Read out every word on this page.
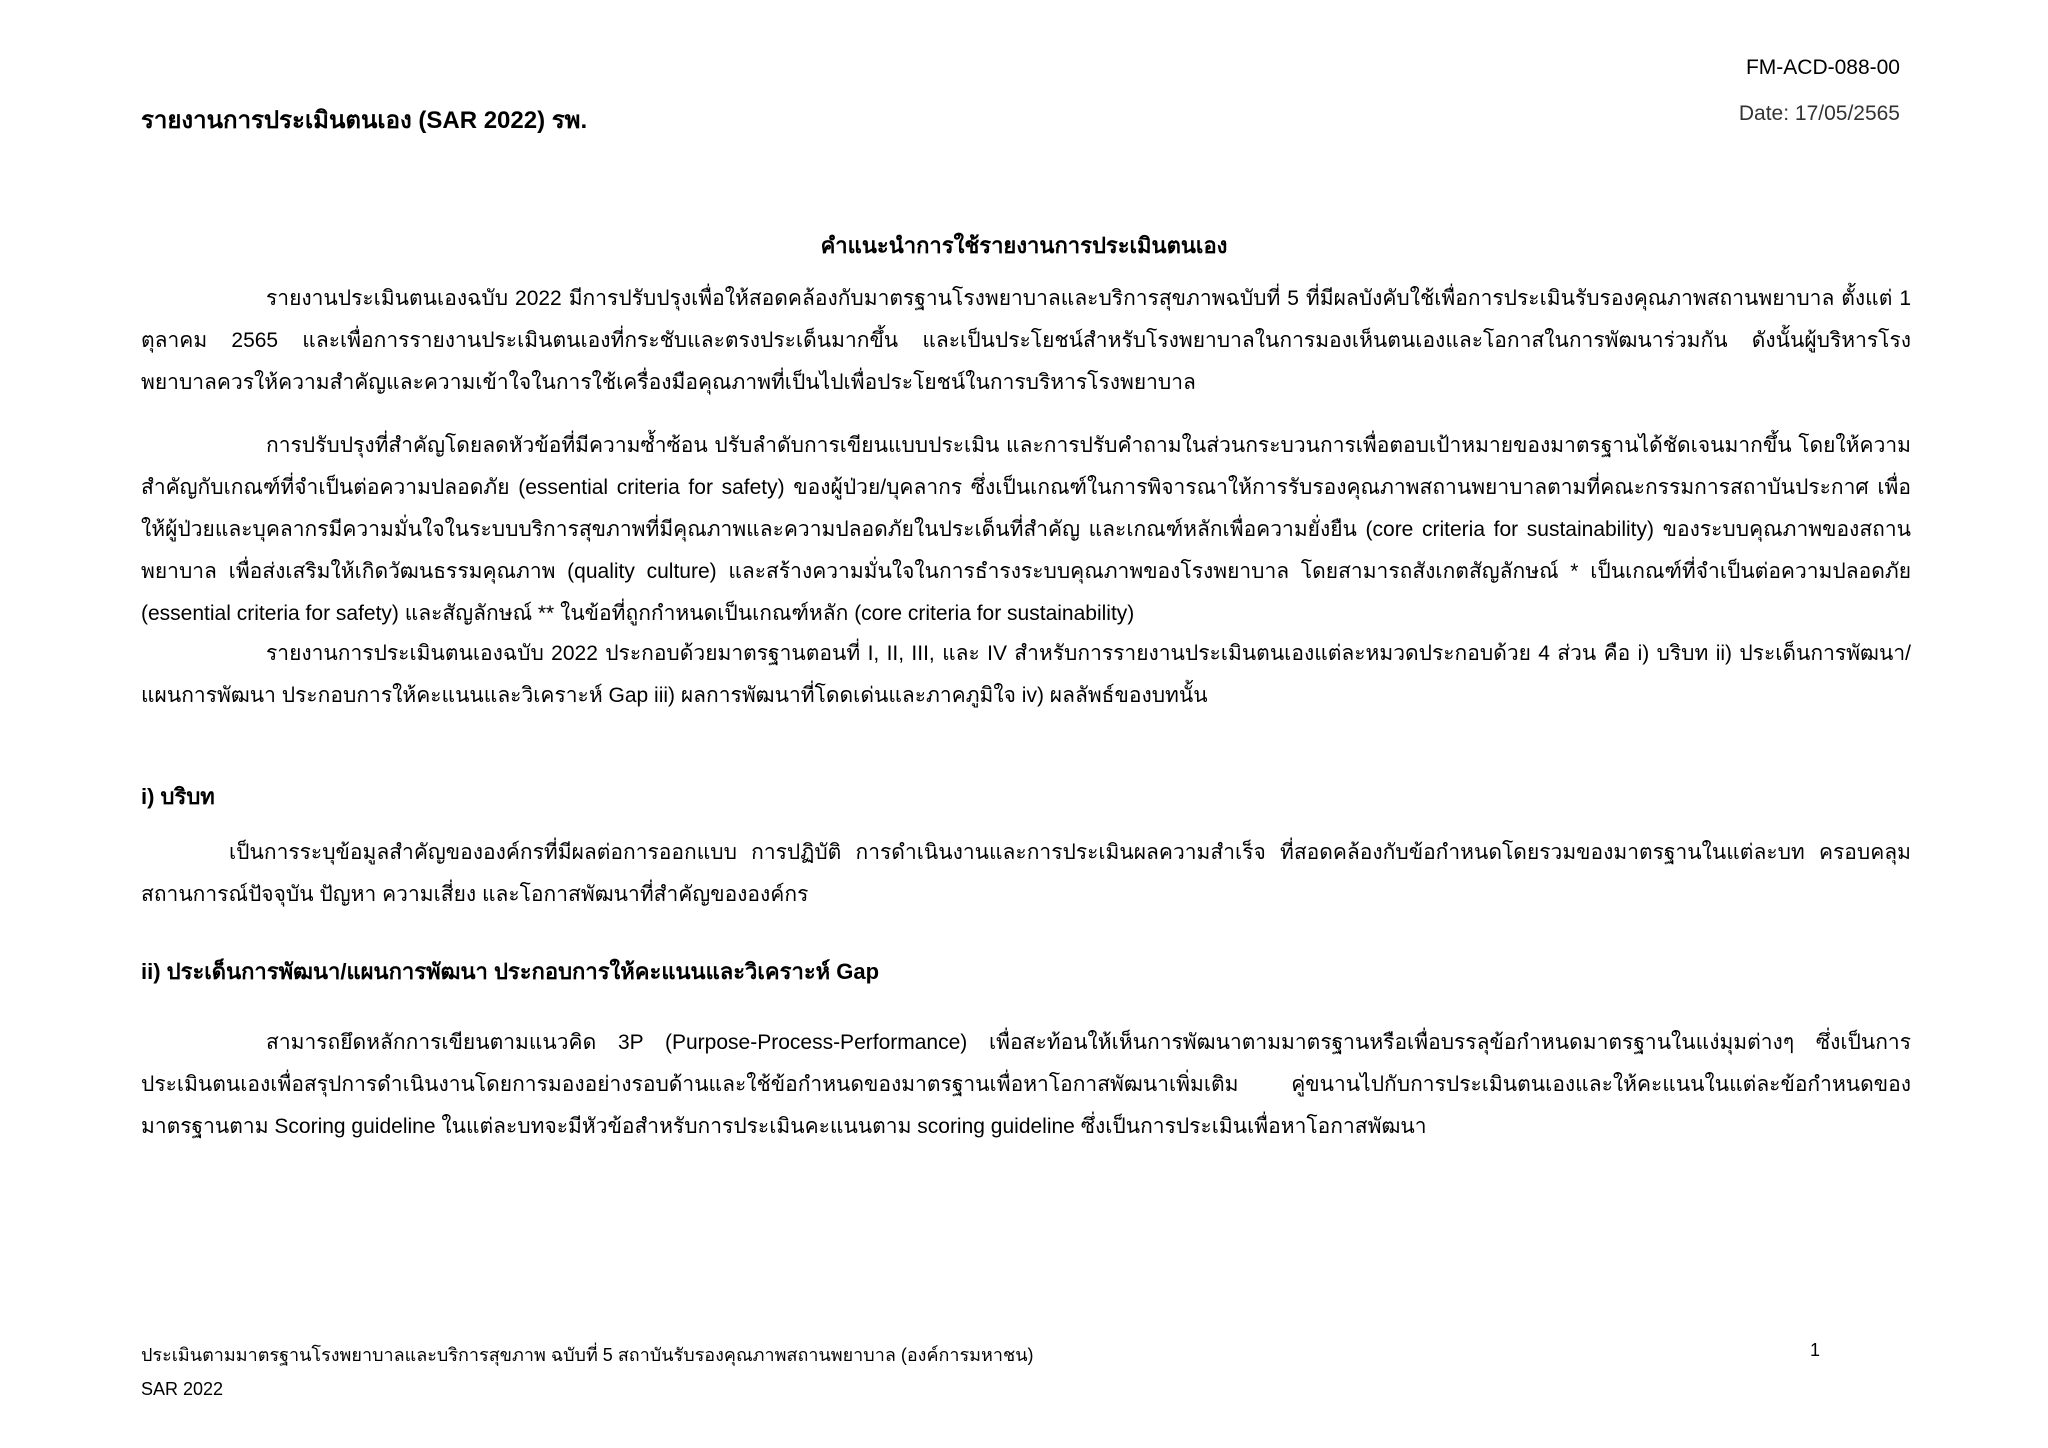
FM-ACD-088-00
Date: 17/05/2565
รายงานการประเมินตนเอง (SAR 2022) รพ.
คำแนะนำการใช้รายงานการประเมินตนเอง

รายงานประเมินตนเองฉบับ 2022 มีการปรับปรุงเพื่อให้สอดคล้องกับมาตรฐานโรงพยาบาลและบริการสุขภาพฉบับที่ 5 ที่มีผลบังคับใช้เพื่อการประเมินรับรองคุณภาพสถานพยาบาล ตั้งแต่ 1 ตุลาคม 2565 และเพื่อการรายงานประเมินตนเองที่กระชับและตรงประเด็นมากขึ้น และเป็นประโยชน์สำหรับโรงพยาบาลในการมองเห็นตนเองและโอกาสในการพัฒนาร่วมกัน ดังนั้นผู้บริหารโรงพยาบาลควรให้ความสำคัญและความเข้าใจในการใช้เครื่องมือคุณภาพที่เป็นไปเพื่อประโยชน์ในการบริหารโรงพยาบาล

การปรับปรุงที่สำคัญโดยลดหัวข้อที่มีความซ้ำซ้อน ปรับลำดับการเขียนแบบประเมิน และการปรับคำถามในส่วนกระบวนการเพื่อตอบเป้าหมายของมาตรฐานได้ชัดเจนมากขึ้น โดยให้ความสำคัญกับเกณฑ์ที่จำเป็นต่อความปลอดภัย (essential criteria for safety) ของผู้ป่วย/บุคลากร ซึ่งเป็นเกณฑ์ในการพิจารณาให้การรับรองคุณภาพสถานพยาบาลตามที่คณะกรรมการสถาบันประกาศ เพื่อให้ผู้ป่วยและบุคลากรมีความมั่นใจในระบบบริการสุขภาพที่มีคุณภาพและความปลอดภัยในประเด็นที่สำคัญ และเกณฑ์หลักเพื่อความยั่งยืน (core criteria for sustainability) ของระบบคุณภาพของสถานพยาบาล เพื่อส่งเสริมให้เกิดวัฒนธรรมคุณภาพ (quality culture) และสร้างความมั่นใจในการธำรงระบบคุณภาพของโรงพยาบาล โดยสามารถสังเกตสัญลักษณ์ * เป็นเกณฑ์ที่จำเป็นต่อความปลอดภัย (essential criteria for safety) และสัญลักษณ์ ** ในข้อที่ถูกกำหนดเป็นเกณฑ์หลัก (core criteria for sustainability)

รายงานการประเมินตนเองฉบับ 2022 ประกอบด้วยมาตรฐานตอนที่ I, II, III, และ IV สำหรับการรายงานประเมินตนเองแต่ละหมวดประกอบด้วย 4 ส่วน คือ i) บริบท ii) ประเด็นการพัฒนา/แผนการพัฒนา ประกอบการให้คะแนนและวิเคราะห์ Gap iii) ผลการพัฒนาที่โดดเด่นและภาคภูมิใจ iv) ผลลัพธ์ของบทนั้น

i) บริบท

เป็นการระบุข้อมูลสำคัญขององค์กรที่มีผลต่อการออกแบบ การปฏิบัติ การดำเนินงานและการประเมินผลความสำเร็จ ที่สอดคล้องกับข้อกำหนดโดยรวมของมาตรฐานในแต่ละบท ครอบคลุมสถานการณ์ปัจจุบัน ปัญหา ความเสี่ยง และโอกาสพัฒนาที่สำคัญขององค์กร

ii) ประเด็นการพัฒนา/แผนการพัฒนา ประกอบการให้คะแนนและวิเคราะห์ Gap

สามารถยึดหลักการเขียนตามแนวคิด 3P (Purpose-Process-Performance) เพื่อสะท้อนให้เห็นการพัฒนาตามมาตรฐานหรือเพื่อบรรลุข้อกำหนดมาตรฐานในแง่มุมต่างๆ ซึ่งเป็นการประเมินตนเองเพื่อสรุปการดำเนินงานโดยการมองอย่างรอบด้านและใช้ข้อกำหนดของมาตรฐานเพื่อหาโอกาสพัฒนาเพิ่มเติม คู่ขนานไปกับการประเมินตนเองและให้คะแนนในแต่ละข้อกำหนดของมาตรฐานตาม Scoring guideline ในแต่ละบทจะมีหัวข้อสำหรับการประเมินคะแนนตาม scoring guideline ซึ่งเป็นการประเมินเพื่อหาโอกาสพัฒนา

ประเมินตามมาตรฐานโรงพยาบาลและบริการสุขภาพ ฉบับที่ 5 สถาบันรับรองคุณภาพสถานพยาบาล (องค์การมหาชน)	1
SAR 2022
